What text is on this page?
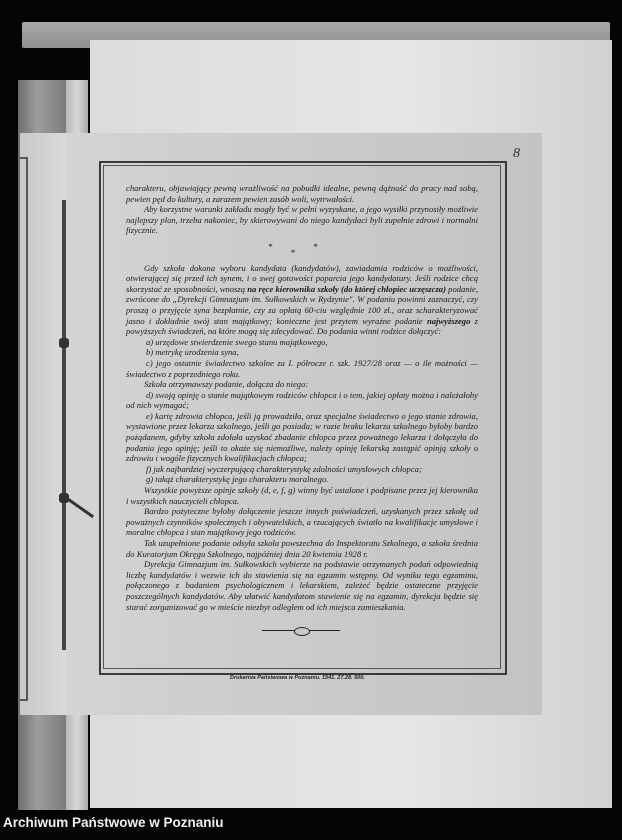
8

charakteru, objawiający pewną wrażliwość na pobudki idealne, pewną dążność do pracy nad sobą, pewien pęd do kultury, a zarazem pewien zasób woli, wytrwałości.

Aby korzystne warunki zakładu mogły być w pełni wyzyskane, a jego wysiłki przynosiły możliwie najlepszy plon, trzeba nakoniec, by skierowywani do niego kandydaci byli zupełnie zdrowi i normalni fizycznie.

***

Gdy szkoła dokona wyboru kandydata (kandydatów), zawiadamia rodziców o możliwości, otwierającej się przed ich synem, i o swej gotowości poparcia jego kandydatury. Jeśli rodzice chcą skorzystać ze sposobności, wnoszą na ręce kierownika szkoły (do której chłopiec uczęszcza) podanie, zwrócone do „Dyrekcji Gimnazjum im. Sułkowskich w Rydzynie". W podaniu powinni zaznaczyć, czy proszą o przyjęcie syna bezpłatnie, czy za opłatą 60-ciu względnie 100 zł., oraz scharakteryzować jasno i dokładnie swój stan majątkowy; konieczne jest przytem wyraźne podanie najwyższego z powyższych świadczeń, na które mogą się zdecydować. Do podania winni rodzice dołączyć:

a) urzędowe stwierdzenie swego stanu majątkowego,

b) metrykę urodzenia syna,

c) jego ostatnie świadectwo szkolne za I. półrocze r. szk. 1927/28 oraz — o ile możności — świadectwo z poprzedniego roku.

Szkoła otrzymawszy podanie, dołącza do niego:

d) swoją opinję o stanie majątkowym rodziców chłopca i o tem, jakiej opłaty można i należałoby od nich wymagać;

e) kartę zdrowia chłopca, jeśli ją prowadziła, oraz specjalne świadectwo o jego stanie zdrowia, wystawione przez lekarza szkolnego, jeśli go posiada; w razie braku lekarza szkolnego byłoby bardzo pożądanem, gdyby szkoła zdołała uzyskać zbadanie chłopca przez poważnego lekarza i dołączyła do podania jego opinję; jeśli to okaże się niemożliwe, należy opinję lekarską zastąpić opinją szkoły o zdrowiu i wogóle fizycznych kwalifikacjach chłopca;

f) jak najbardziej wyczerpującą charakterystykę zdolności umysłowych chłopca;

g) takąż charakterystykę jego charakteru moralnego.

Wszystkie powyższe opinje szkoły (d, e, f, g) winny być ustalone i podpisane przez jej kierownika i wszystkich nauczycieli chłopca.

Bardzo pożyteczne byłoby dołączenie jeszcze innych poświadczeń, uzyskanych przez szkołę od poważnych czynników społecznych i obywatelskich, a rzucających światło na kwalifikacje umysłowe i moralne chłopca i stan majątkowy jego rodziców.

Tak uzupełnione podanie odsyła szkoła powszechna do Inspektoratu Szkolnego, a szkoła średnia do Kuratorjum Okręgu Szkolnego, najpóźniej dnia 20 kwietnia 1928 r.

Dyrekcja Gimnazjum im. Sułkowskich wybierze na podstawie otrzymanych podań odpowiednią liczbę kandydatów i wezwie ich do stawienia się na egzamin wstępny. Od wyniku tego egzaminu, połączonego z badaniem psychologicznem i lekarskiem, zależeć będzie ostateczne przyjęcie poszczególnych kandydatów. Aby ułatwić kandydatom stawienie się na egzamin, dyrekcja będzie się starać zorganizować go w mieście niezbyt odległem od ich miejsca zamieszkania.

Drukarnia Państwowa w Poznaniu. 1541. 27.28. 500.
Archiwum Państwowe w Poznaniu
